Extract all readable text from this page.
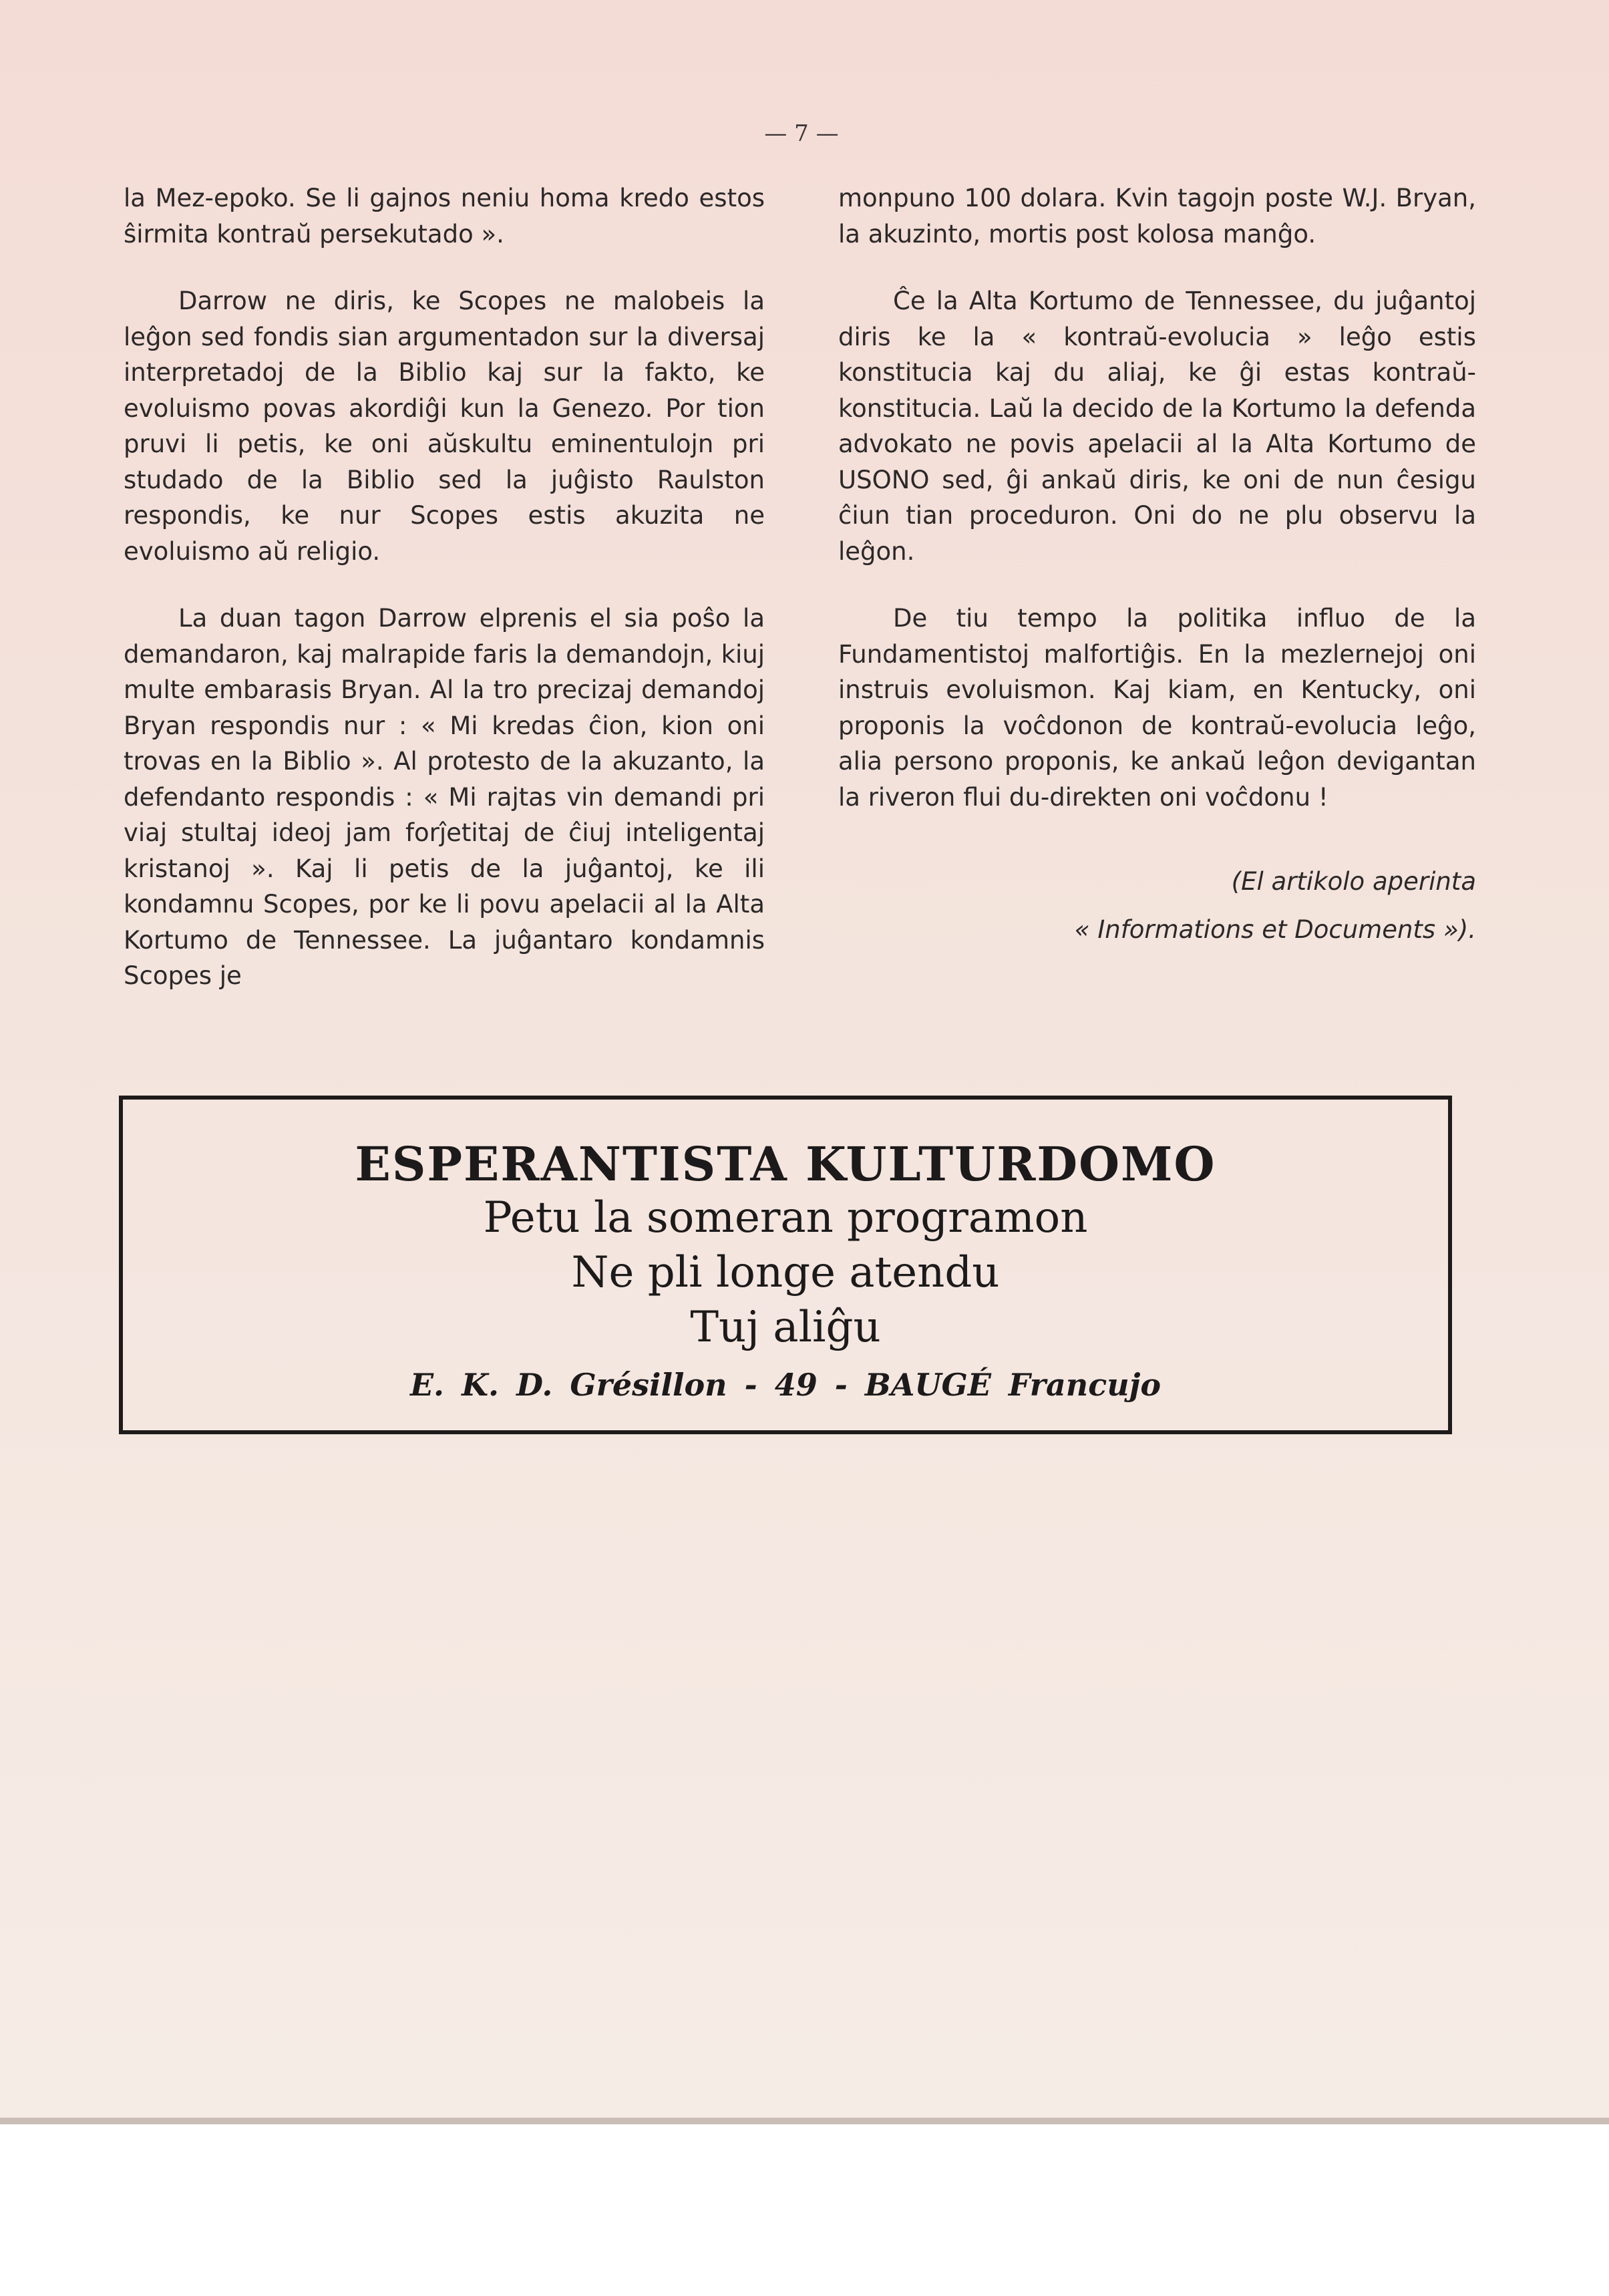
— 7 —

la Mez-epoko. Se li gajnos neniu homa kredo estos ŝirmita kontraŭ persekutado ».

Darrow ne diris, ke Scopes ne malobeis la leĝon sed fondis sian argumentadon sur la diversaj interpretadoj de la Biblio kaj sur la fakto, ke evoluismo povas akordiĝi kun la Genezo. Por tion pruvi li petis, ke oni aŭskultu eminentulojn pri studado de la Biblio sed la juĝisto Raulston respondis, ke nur Scopes estis akuzita ne evoluismo aŭ religio.

La duan tagon Darrow elprenis el sia poŝo la demandaron, kaj malrapide faris la demandojn, kiuj multe embarasis Bryan. Al la tro precizaj demandoj Bryan respondis nur : « Mi kredas ĉion, kion oni trovas en la Biblio ». Al protesto de la akuzanto, la defendanto respondis : « Mi rajtas vin demandi pri viaj stultaj ideoj jam forĵetitaj de ĉiuj inteligentaj kristanoj ». Kaj li petis de la juĝantoj, ke ili kondamnu Scopes, por ke li povu apelacii al la Alta Kortumo de Tennessee. La juĝantaro kondamnis Scopes je

monpuno 100 dolara. Kvin tagojn poste W.J. Bryan, la akuzinto, mortis post kolosa manĝo.

Ĉe la Alta Kortumo de Tennessee, du juĝantoj diris ke la « kontraŭ-evolucia » leĝo estis konstitucia kaj du aliaj, ke ĝi estas kontraŭ-konstitucia. Laŭ la decido de la Kortumo la defenda advokato ne povis apelacii al la Alta Kortumo de USONO sed, ĝi ankaŭ diris, ke oni de nun ĉesigu ĉiun tian proceduron. Oni do ne plu observu la leĝon.

De tiu tempo la politika influo de la Fundamentistoj malfortiĝis. En la mezlernejoj oni instruis evoluismon. Kaj kiam, en Kentucky, oni proponis la voĉdonon de kontraŭ-evolucia leĝo, alia persono proponis, ke ankaŭ leĝon devigantan la riveron flui du-direkten oni voĉdonu !

(El artikolo aperinta
« Informations et Documents »).
ESPERANTISTA KULTURDOMO
Petu la someran programon
Ne pli longe atendu
Tuj aliĝu
E. K. D. Grésillon - 49 - BAUGÉ Francujo
